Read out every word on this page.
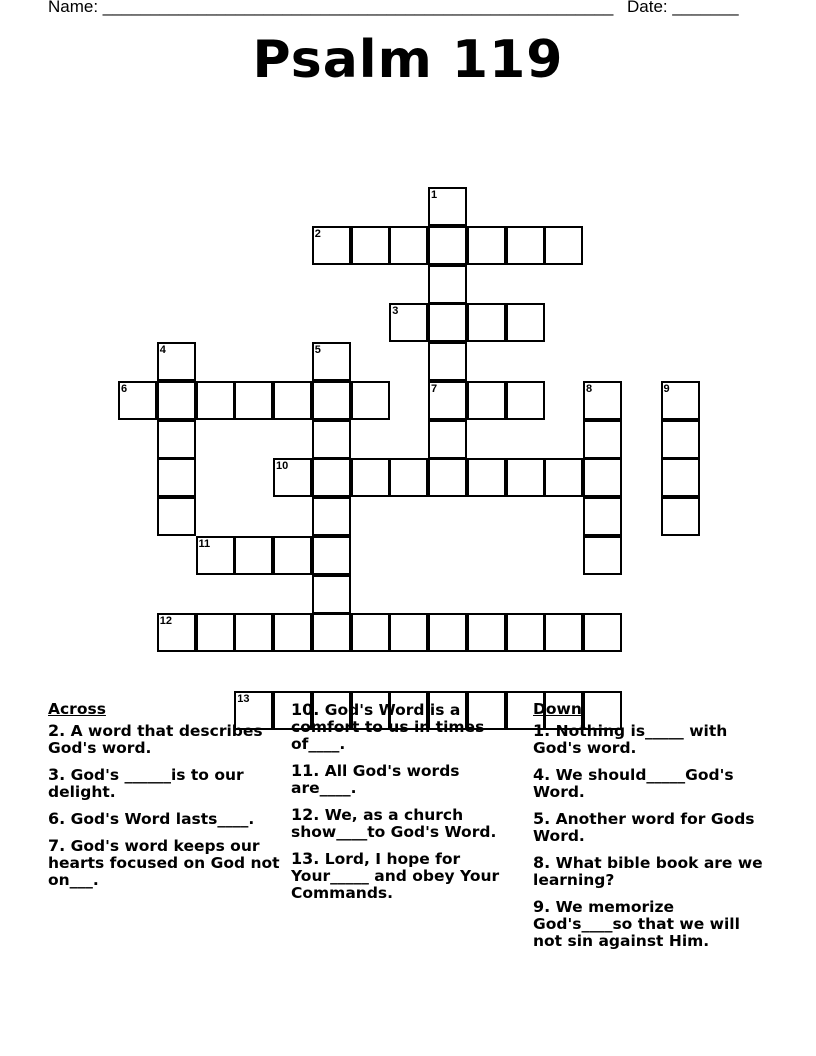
Name: ______________________________________________________ Date: _______
Psalm 119
1
7
2
3
4	5
6	8	9
10
11
12
13
Across
2. A word that describes God's word.
3. God's ______is to our delight.
6. God's Word lasts____.
7. God's word keeps our hearts focused on God not on___.
10. God's Word is a comfort to us in times of____.
11. All God's words are____.
12. We, as a church show____to God's Word.
13. Lord, I hope for Your_____ and obey Your Commands.
Down
1. Nothing is_____ with God's word.
4. We should_____God's Word.
5. Another word for Gods Word.
8. What bible book are we learning?
9. We memorize God's____so that we will not sin against Him.
